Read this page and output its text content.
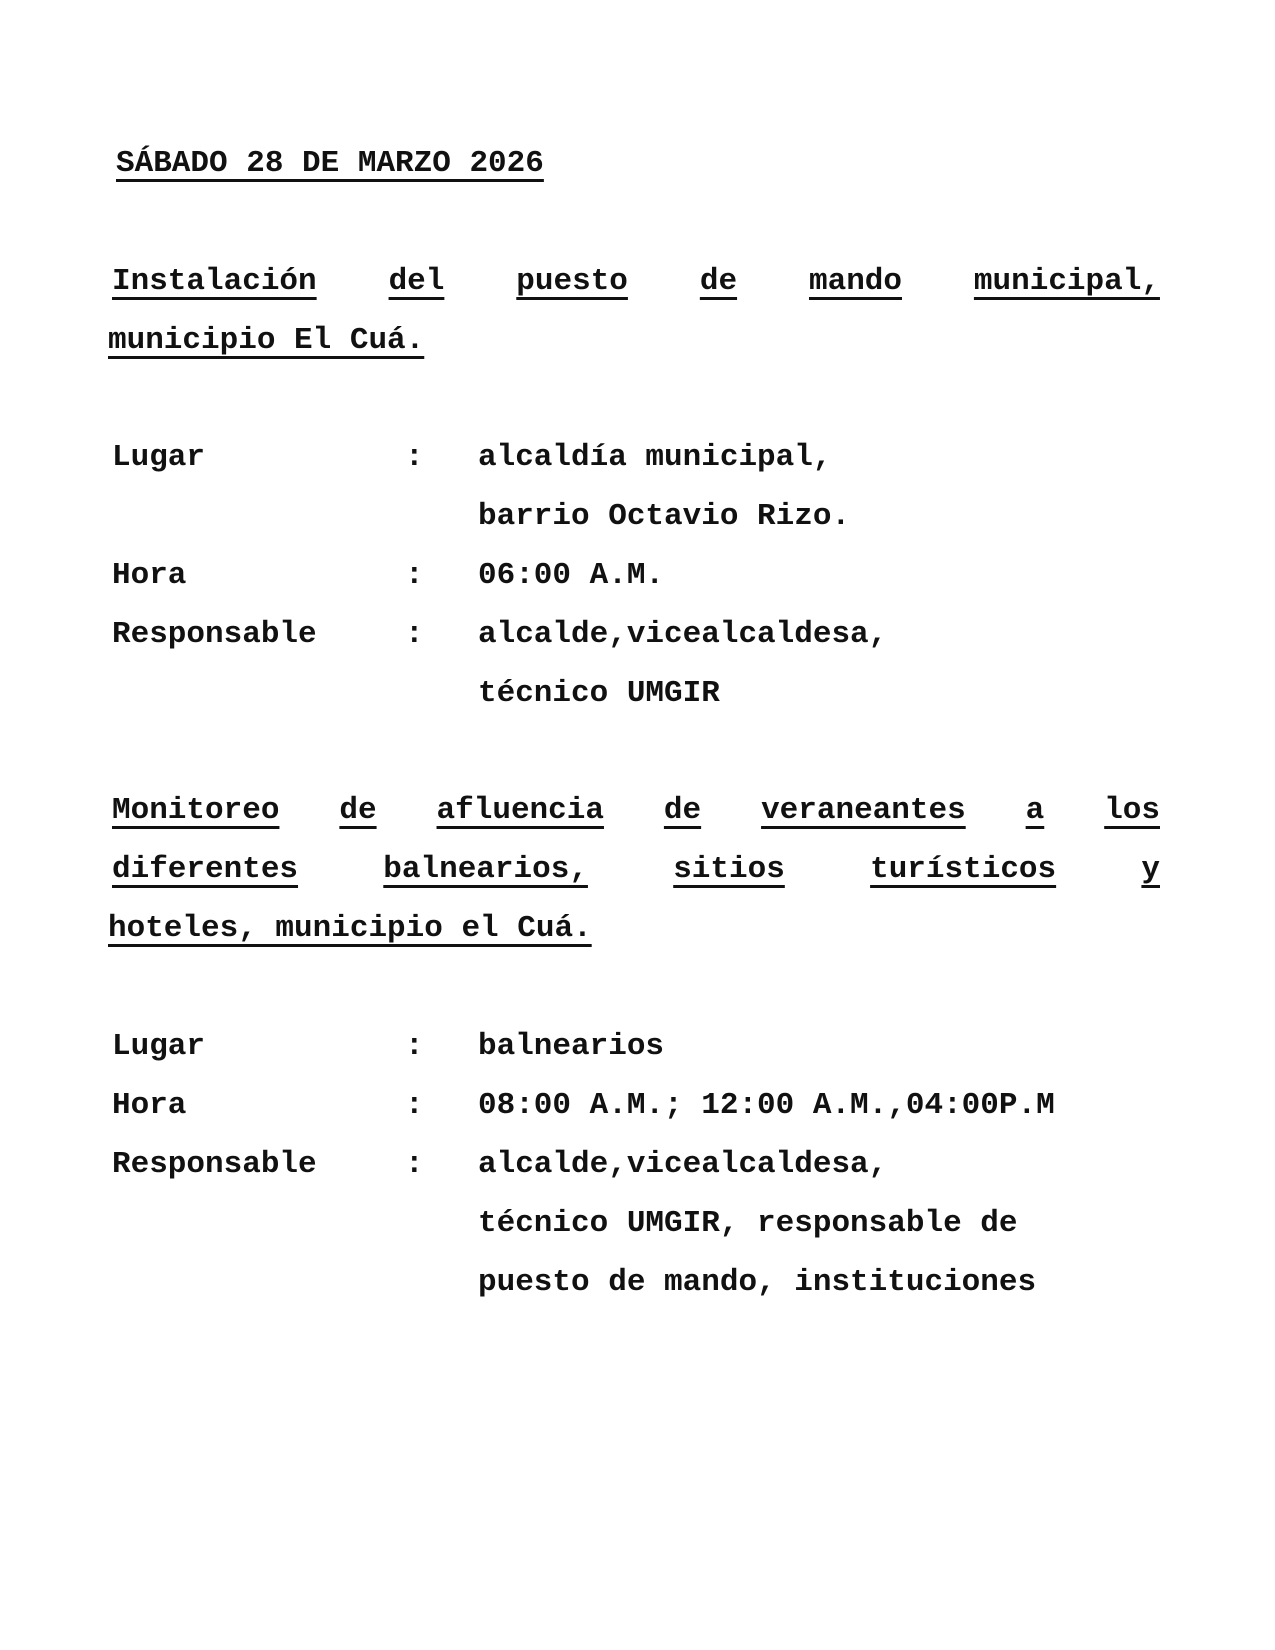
SÁBADO 28 DE MARZO 2026
Instalación del puesto de mando municipal,
municipio El Cuá.
Lugar	: alcaldía municipal,
barrio Octavio Rizo.
Hora	: 06:00 A.M.
Responsable	: alcalde,vicealcaldesa,
técnico UMGIR
Monitoreo de afluencia de veraneantes a los
diferentes	balnearios,	sitios	turísticos	y
hoteles, municipio el Cuá.
Lugar	: balnearios
Hora	: 08:00 A.M.; 12:00 A.M.,04:00P.M
Responsable	: alcalde,vicealcaldesa,
técnico UMGIR, responsable de
puesto de mando, instituciones
